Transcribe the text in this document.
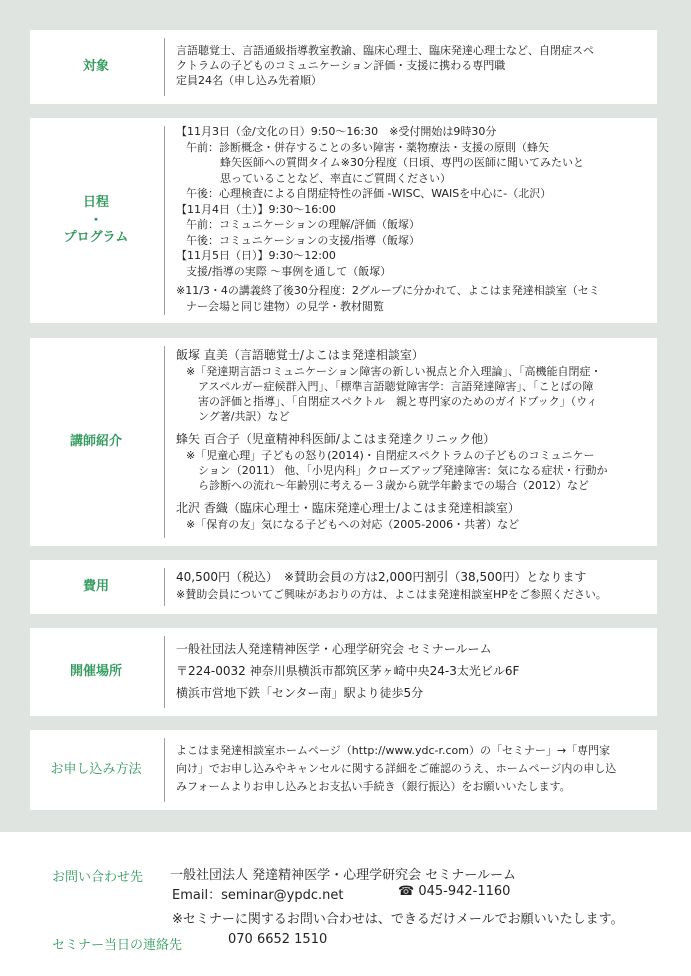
対象
言語聴覚士、言語通級指導教室教諭、臨床心理士、臨床発達心理士など、自閉症スペ
クトラムの子どものコミュニケーション評価・支援に携わる専門職
定員24名（申し込み先着順）
日程
・
プログラム
【11月3日（金/文化の日）9:50～16:30　※受付開始は9時30分
午前：診断概念・併存することの多い障害・薬物療法・支援の原則（蜂矢
蜂矢医師への質問タイム※30分程度（日頃、専門の医師に聞いてみたいと
思っていることなど、率直にご質問ください）
午後：心理検査による自閉症特性の評価 -WISC、WAISを中心に-（北沢）
【11月4日（土）】9:30～16:00
午前：コミュニケーションの理解/評価（飯塚）
午後：コミュニケーションの支援/指導（飯塚）
【11月5日（日）】9:30～12:00
支援/指導の実際 ～事例を通して（飯塚）
※11/3・4の講義終了後30分程度：2グループに分かれて、よこはま発達相談室（セミ
ナー会場と同じ建物）の見学・教材閲覧
講師紹介
飯塚 直美（言語聴覚士/よこはま発達相談室）
※「発達期言語コミュニケーション障害の新しい視点と介入理論」、「高機能自閉症・
アスペルガー症候群入門」、「標準言語聴覚障害学：言語発達障害」、「ことばの障
害の評価と指導」、「自閉症スペクトル　親と専門家のためのガイドブック」（ウィ
ング著/共訳）など
蜂矢 百合子（児童精神科医師/よこはま発達クリニック他）
※「児童心理」子どもの怒り(2014)・自閉症スペクトラムの子どものコミュニケー
ション（2011） 他、「小児内科」クローズアップ発達障害：気になる症状・行動か
ら診断への流れ～年齢別に考えるー３歳から就学年齢までの場合（2012）など
北沢 香織（臨床心理士・臨床発達心理士/よこはま発達相談室）
※「保育の友」気になる子どもへの対応（2005-2006・共著）など
費用
40,500円（税込）　※賛助会員の方は2,000円割引（38,500円）となります
※賛助会員についてご興味があおりの方は、よこはま発達相談室HPをご参照ください。
開催場所
一般社団法人発達精神医学・心理学研究会 セミナールーム
〒224-0032 神奈川県横浜市都筑区茅ヶ崎中央24-3太光ビル6F
横浜市営地下鉄「センター南」駅より徒歩5分
お申し込み方法
よこはま発達相談室ホームページ（http://www.ydc-r.com）の「セミナー」→「専門家
向け」でお申し込みやキャンセルに関する詳細をご確認のうえ、ホームページ内の申し込
みフォームよりお申し込みとお支払い手続き（銀行振込）をお願いいたします。
お問い合わせ先 一般社団法人 発達精神医学・心理学研究会 セミナールーム
Email：seminar@ypdc.net	☎ 045-942-1160
※セミナーに関するお問い合わせは、できるだけメールでお願いいたします。
セミナー当日の連絡先	070 6652 1510
